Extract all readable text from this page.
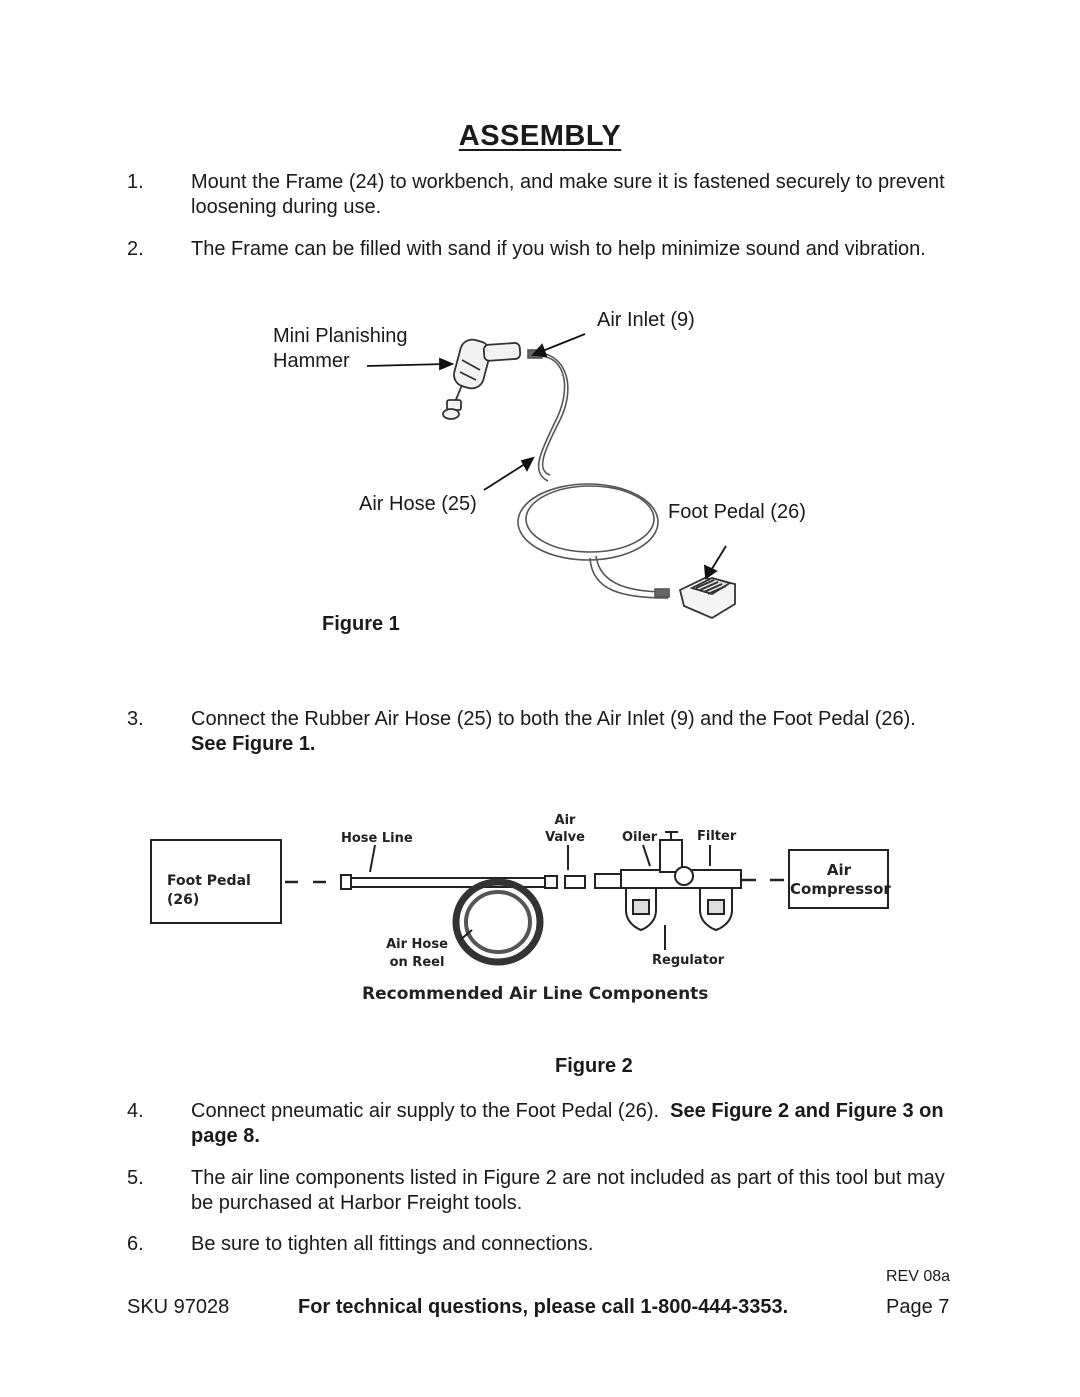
ASSEMBLY
1. Mount the Frame (24) to workbench, and make sure it is fastened securely to prevent loosening during use.
2. The Frame can be filled with sand if you wish to help minimize sound and vibration.
Mini Planishing
Hammer
Air Inlet (9)
Air Hose (25)	Foot Pedal (26)
Figure 1
3. Connect the Rubber Air Hose (25) to both the Air Inlet (9) and the Foot Pedal (26).  See Figure 1.
Foot Pedal
(26)
Hose Line
Air
Valve	Oiler	Filter
Air Hose
on Reel	Regulator
Air
Compressor
Recommended Air Line Components
Figure 2
4. Connect pneumatic air supply to the Foot Pedal (26). See Figure 2 and Figure 3 on page 8.
5. The air line components listed in Figure 2 are not included as part of this tool but may be purchased at Harbor Freight tools.
6. Be sure to tighten all fittings and connections.
REV 08a
SKU 97028	For technical questions, please call 1-800-444-3353.	Page 7
